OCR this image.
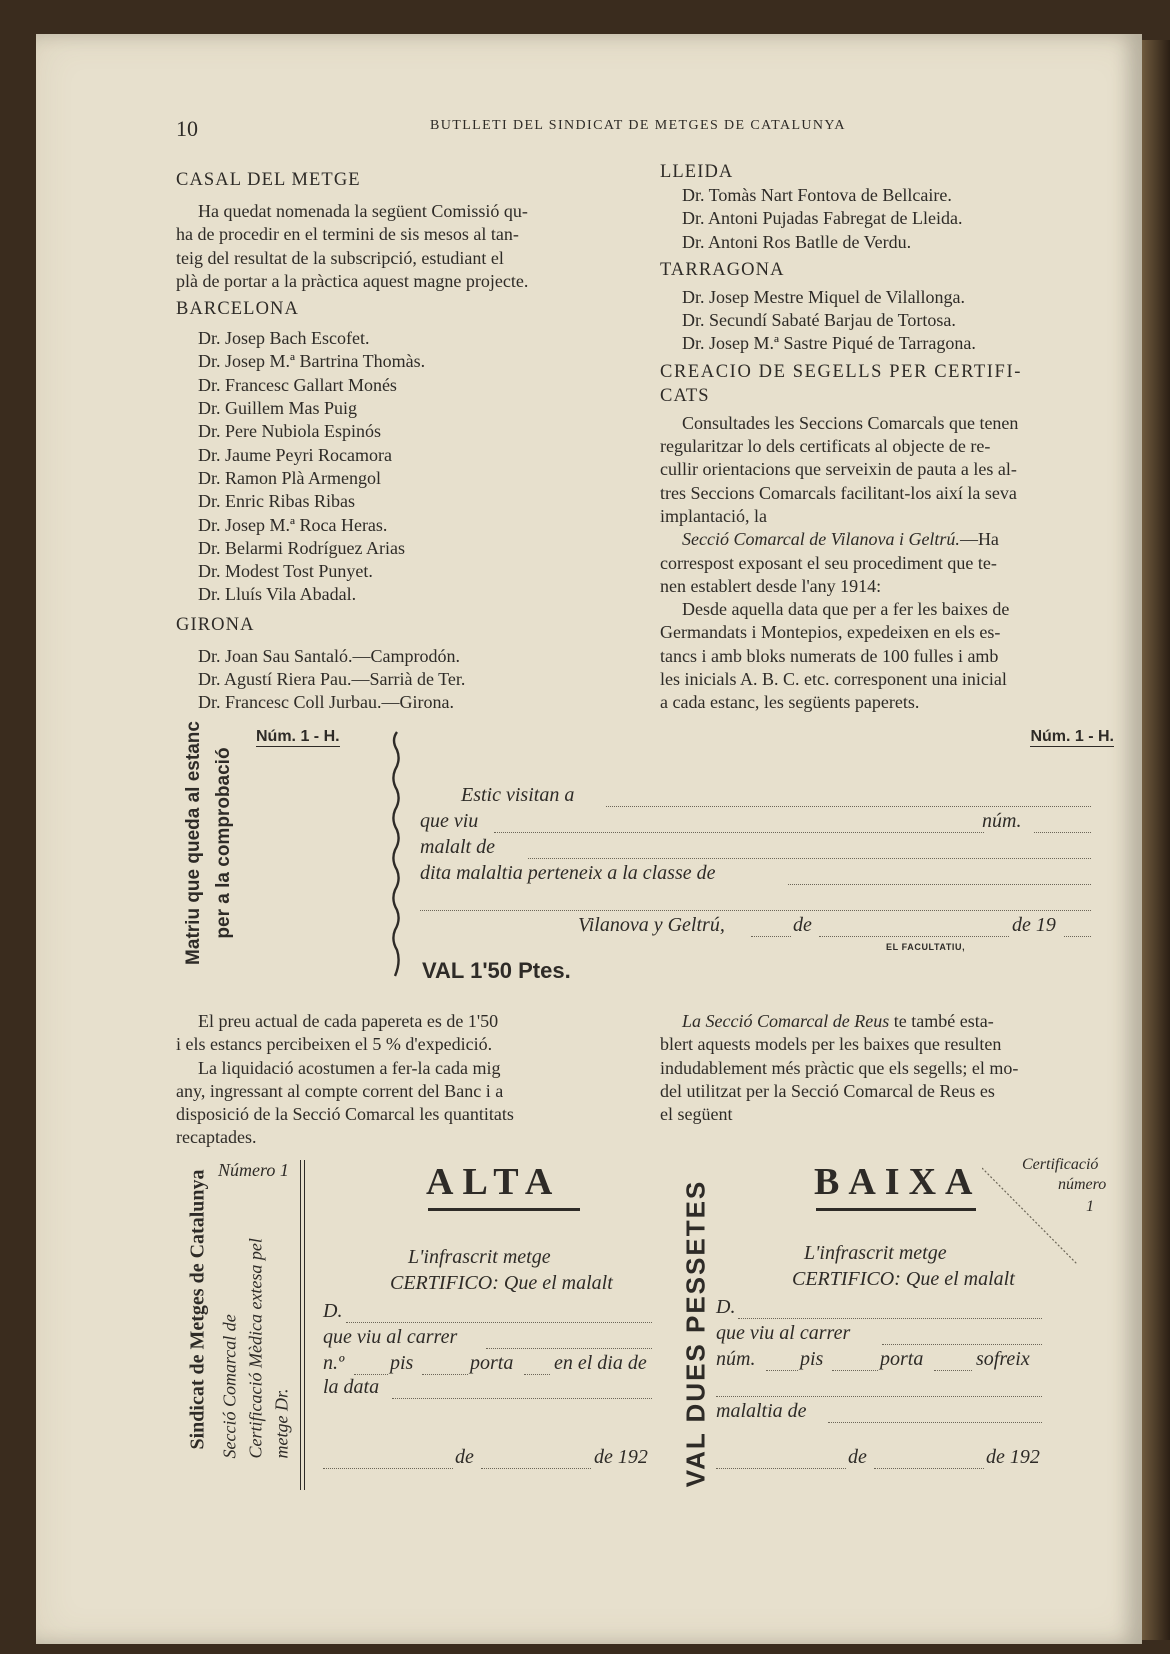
10	BUTLLETI DEL SINDICAT DE METGES DE CATALUNYA
CASAL DEL METGE
Ha quedat nomenada la següent Comissió qu-
ha de procedir en el termini de sis mesos al tan-
teig del resultat de la subscripció, estudiant el
plà de portar a la pràctica aquest magne projecte.
BARCELONA
Dr. Josep Bach Escofet.
Dr. Josep M.ª Bartrina Thomàs.
Dr. Francesc Gallart Monés
Dr. Guillem Mas Puig
Dr. Pere Nubiola Espinós
Dr. Jaume Peyri Rocamora
Dr. Ramon Plà Armengol
Dr. Enric Ribas Ribas
Dr. Josep M.ª Roca Heras.
Dr. Belarmi Rodríguez Arias
Dr. Modest Tost Punyet.
Dr. Lluís Vila Abadal.
GIRONA
Dr. Joan Sau Santaló.—Camprodón.
Dr. Agustí Riera Pau.—Sarrià de Ter.
Dr. Francesc Coll Jurbau.—Girona.
LLEIDA
Dr. Tomàs Nart Fontova de Bellcaire.
Dr. Antoni Pujadas Fabregat de Lleida.
Dr. Antoni Ros Batlle de Verdu.
TARRAGONA
Dr. Josep Mestre Miquel de Vilallonga.
Dr. Secundí Sabaté Barjau de Tortosa.
Dr. Josep M.ª Sastre Piqué de Tarragona.
CREACIO DE SEGELLS PER CERTIFI-
CATS
Consultades les Seccions Comarcals que tenen
regularitzar lo dels certificats al objecte de re-
cullir orientacions que serveixin de pauta a les al-
tres Seccions Comarcals facilitant-los així la seva
implantació, la
Secció Comarcal de Vilanova i Geltrú.—Ha
correspost exposant el seu procediment que te-
nen establert desde l'any 1914:
Desde aquella data que per a fer les baixes de
Germandats i Montepios, expedeixen en els es-
tancs i amb bloks numerats de 100 fulles i amb
les inicials A. B. C. etc. corresponent una inicial
a cada estanc, les següents paperets.
Matriu que queda al estanc per a la comprobació
Núm. 1 - H.	Núm. 1 - H.
Estic visitan a
que viu	núm.
malalt de
dita malaltia perteneix a la classe de
Vilanova y Geltrú,	de	de 19
EL FACULTATIU,
VAL 1'50 Ptes.
El preu actual de cada papereta es de 1'50
i els estancs percibeixen el 5 % d'expedició.
La liquidació acostumen a fer-la cada mig
any, ingressant al compte corrent del Banc i a
disposició de la Secció Comarcal les quantitats
recaptades.
La Secció Comarcal de Reus te també esta-
blert aquests models per les baixes que resulten
indudablement més pràctic que els segells; el mo-
del utilitzat per la Secció Comarcal de Reus es
el següent
Sindicat de Metges de Catalunya Secció Comarcal de Certificació Mèdica extesa pel metge Dr.
Número 1	ALTA
L'infrascrit metge
CERTIFICO: Que el malalt
D.
que viu al carrer
n.º pis	porta en el dia de
la data
de	de 192 VAL DUES PESSETES	BAIXA	Certificació
número
1
L'infrascrit metge
CERTIFICO: Que el malalt
D.
que viu al carrer
núm. pis	porta	sofreix
malaltia de
de	de 192
